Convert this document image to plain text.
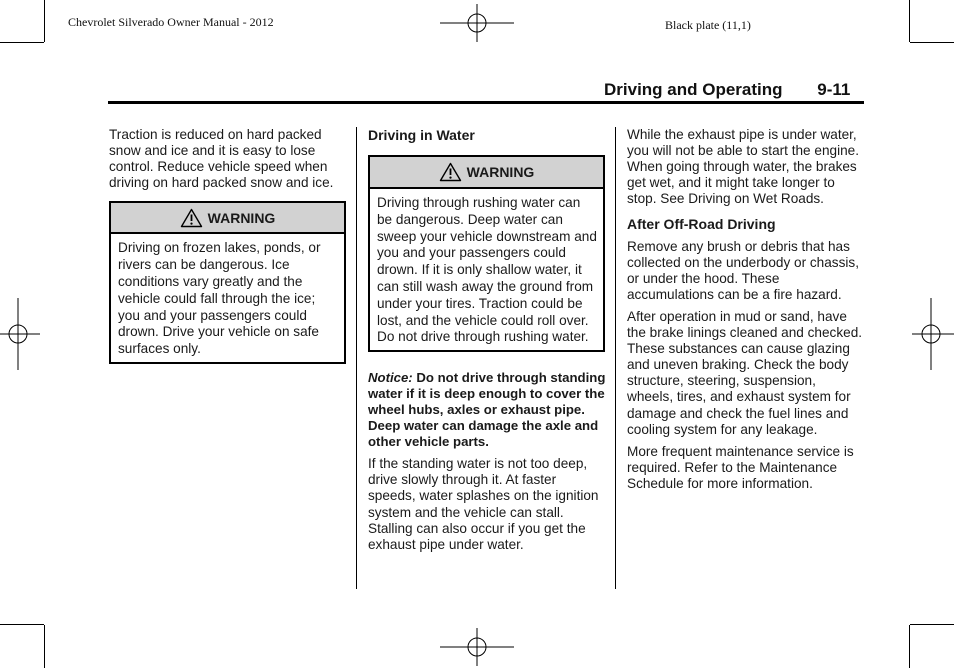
Chevrolet Silverado Owner Manual - 2012	Black plate (11,1)
Driving and Operating 9-11

Traction is reduced on hard packed snow and ice and it is easy to lose control. Reduce vehicle speed when driving on hard packed snow and ice.

WARNING
Driving on frozen lakes, ponds, or rivers can be dangerous. Ice conditions vary greatly and the vehicle could fall through the ice; you and your passengers could drown. Drive your vehicle on safe surfaces only.
Driving in Water
WARNING
Driving through rushing water can be dangerous. Deep water can sweep your vehicle downstream and you and your passengers could drown. If it is only shallow water, it can still wash away the ground from under your tires. Traction could be lost, and the vehicle could roll over. Do not drive through rushing water.
Notice: Do not drive through standing water if it is deep enough to cover the wheel hubs, axles or exhaust pipe. Deep water can damage the axle and other vehicle parts.

If the standing water is not too deep, drive slowly through it. At faster speeds, water splashes on the ignition system and the vehicle can stall. Stalling can also occur if you get the exhaust pipe under water.

While the exhaust pipe is under water, you will not be able to start the engine. When going through water, the brakes get wet, and it might take longer to stop. See Driving on Wet Roads.

After Off-Road Driving

Remove any brush or debris that has collected on the underbody or chassis, or under the hood. These accumulations can be a fire hazard.

After operation in mud or sand, have the brake linings cleaned and checked. These substances can cause glazing and uneven braking. Check the body structure, steering, suspension, wheels, tires, and exhaust system for damage and check the fuel lines and cooling system for any leakage.

More frequent maintenance service is required. Refer to the Maintenance Schedule for more information.
